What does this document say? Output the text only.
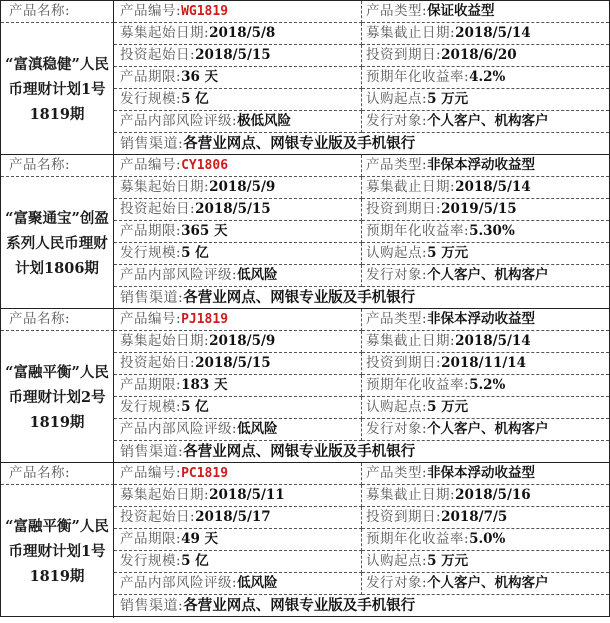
产品名称:
“富滇稳健”人民币理财计划1号1819期
产品编号:WG1819	产品类型:保证收益型
募集起始日期:2018/5/8	募集截止日期:2018/5/14
投资起始日:2018/5/15	投资到期日:2018/6/20
产品期限:36 天	预期年化收益率:4.2%
发行规模:5 亿	认购起点:5 万元
产品内部风险评级:极低风险	发行对象:个人客户、机构客户
销售渠道:各营业网点、网银专业版及手机银行
产品名称:
“富聚通宝”创盈系列人民币理财计划1806期
产品编号:CY1806	产品类型:非保本浮动收益型
募集起始日期:2018/5/9	募集截止日期:2018/5/14
投资起始日:2018/5/15	投资到期日:2019/5/15
产品期限:365 天	预期年化收益率:5.30%
发行规模:5 亿	认购起点:5 万元
产品内部风险评级:低风险	发行对象:个人客户、机构客户
销售渠道:各营业网点、网银专业版及手机银行
产品名称:
“富融平衡”人民币理财计划2号1819期
产品编号:PJ1819	产品类型:非保本浮动收益型
募集起始日期:2018/5/9	募集截止日期:2018/5/14
投资起始日:2018/5/15	投资到期日:2018/11/14
产品期限:183 天	预期年化收益率:5.2%
发行规模:5 亿	认购起点:5 万元
产品内部风险评级:低风险	发行对象:个人客户、机构客户
销售渠道:各营业网点、网银专业版及手机银行
产品名称:
“富融平衡”人民币理财计划1号1819期
产品编号:PC1819	产品类型:非保本浮动收益型
募集起始日期:2018/5/11	募集截止日期:2018/5/16
投资起始日:2018/5/17	投资到期日:2018/7/5
产品期限:49 天	预期年化收益率:5.0%
发行规模:5 亿	认购起点:5 万元
产品内部风险评级:低风险	发行对象:个人客户、机构客户
销售渠道:各营业网点、网银专业版及手机银行
